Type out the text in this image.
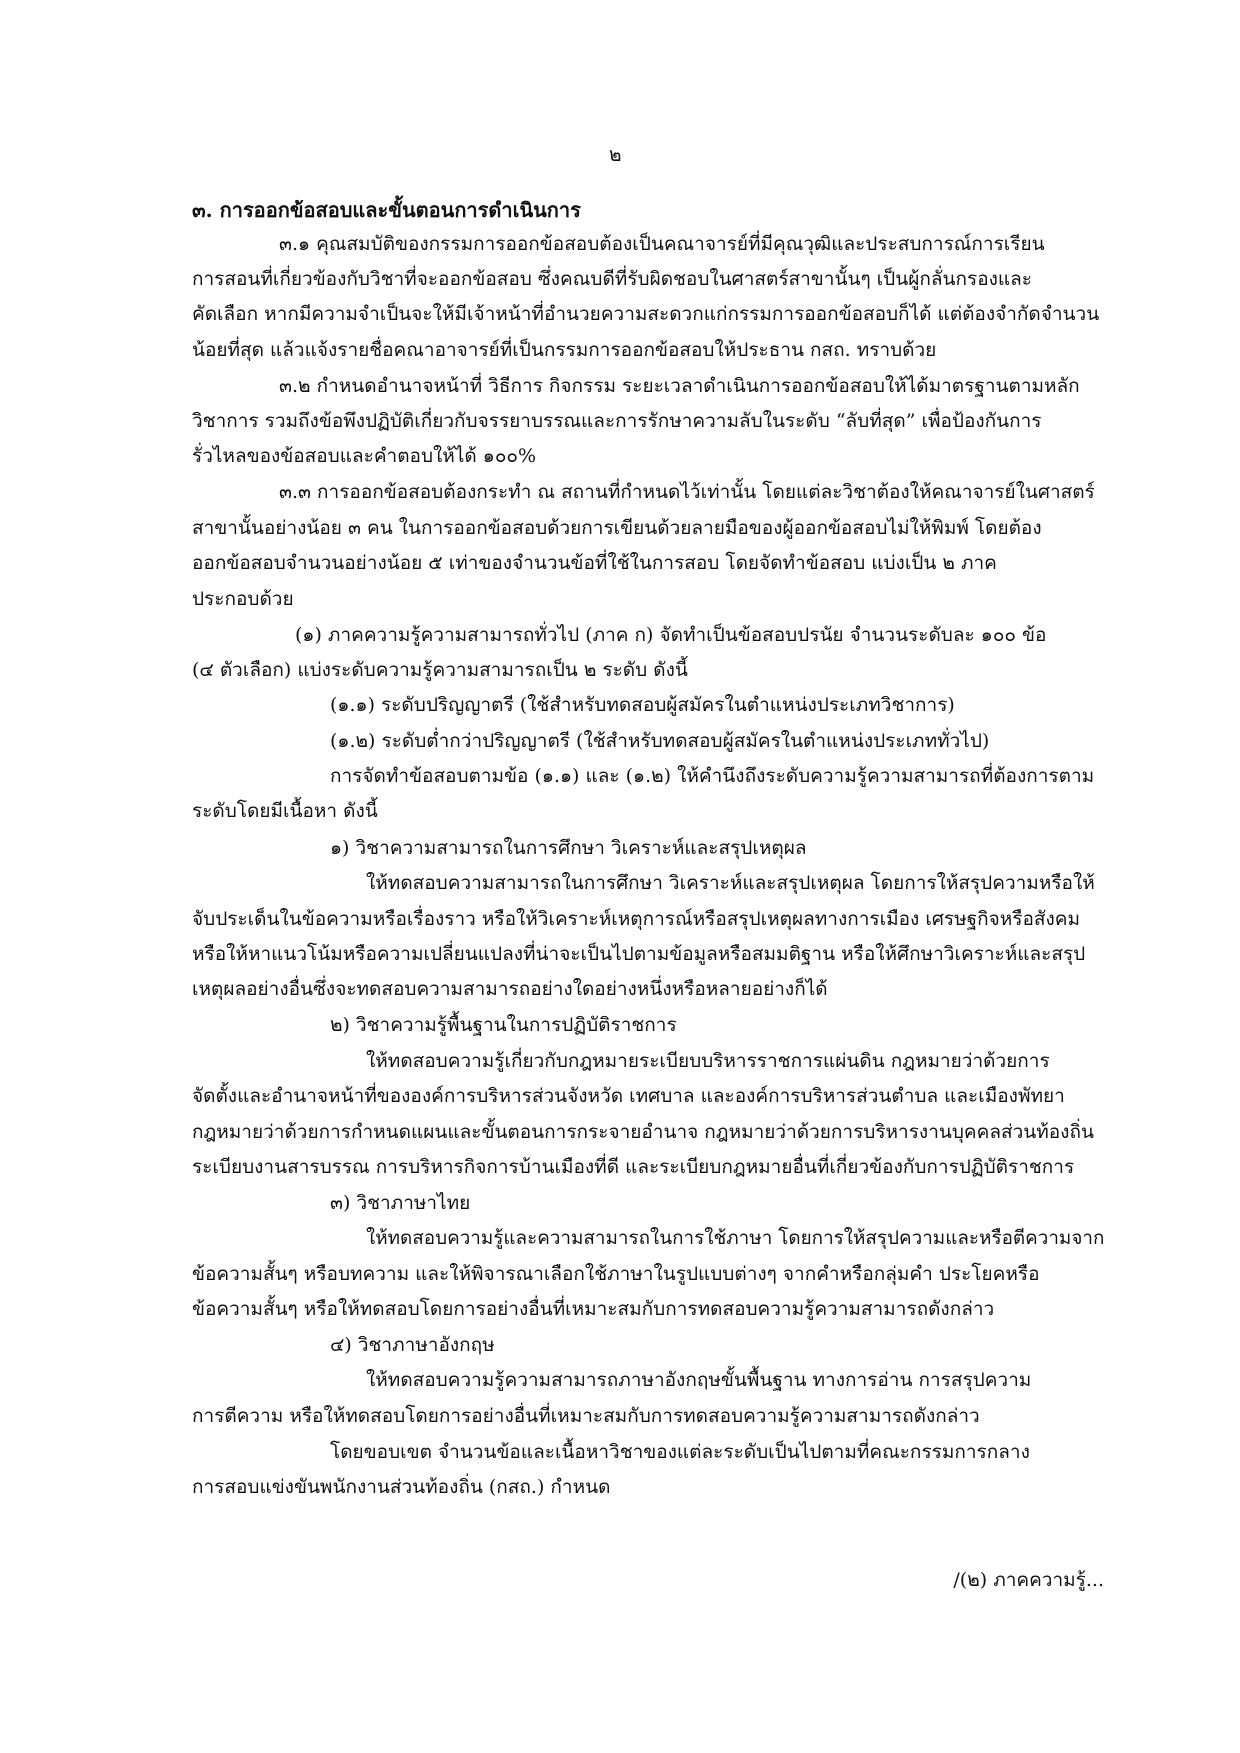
๒
๓. การออกข้อสอบและขั้นตอนการดำเนินการ
๓.๑ คุณสมบัติของกรรมการออกข้อสอบต้องเป็นคณาจารย์ที่มีคุณวุฒิและประสบการณ์การเรียน
การสอนที่เกี่ยวข้องกับวิชาที่จะออกข้อสอบ ซึ่งคณบดีที่รับผิดชอบในศาสตร์สาขานั้นๆ เป็นผู้กลั่นกรองและ
คัดเลือก หากมีความจำเป็นจะให้มีเจ้าหน้าที่อำนวยความสะดวกแก่กรรมการออกข้อสอบก็ได้ แต่ต้องจำกัดจำนวน
น้อยที่สุด แล้วแจ้งรายชื่อคณาอาจารย์ที่เป็นกรรมการออกข้อสอบให้ประธาน กสถ. ทราบด้วย
๓.๒ กำหนดอำนาจหน้าที่ วิธีการ กิจกรรม ระยะเวลาดำเนินการออกข้อสอบให้ได้มาตรฐานตามหลัก
วิชาการ รวมถึงข้อพึงปฏิบัติเกี่ยวกับจรรยาบรรณและการรักษาความลับในระดับ “ลับที่สุด” เพื่อป้องกันการ
รั่วไหลของข้อสอบและคำตอบให้ได้ ๑๐๐%
๓.๓ การออกข้อสอบต้องกระทำ ณ สถานที่กำหนดไว้เท่านั้น โดยแต่ละวิชาต้องให้คณาจารย์ในศาสตร์
สาขานั้นอย่างน้อย ๓ คน ในการออกข้อสอบด้วยการเขียนด้วยลายมือของผู้ออกข้อสอบไม่ให้พิมพ์ โดยต้อง
ออกข้อสอบจำนวนอย่างน้อย ๕ เท่าของจำนวนข้อที่ใช้ในการสอบ โดยจัดทำข้อสอบ แบ่งเป็น ๒ ภาค
ประกอบด้วย
(๑) ภาคความรู้ความสามารถทั่วไป (ภาค ก) จัดทำเป็นข้อสอบปรนัย จำนวนระดับละ ๑๐๐ ข้อ
(๔ ตัวเลือก) แบ่งระดับความรู้ความสามารถเป็น ๒ ระดับ ดังนี้
(๑.๑) ระดับปริญญาตรี (ใช้สำหรับทดสอบผู้สมัครในตำแหน่งประเภทวิชาการ)
(๑.๒) ระดับต่ำกว่าปริญญาตรี (ใช้สำหรับทดสอบผู้สมัครในตำแหน่งประเภททั่วไป)
การจัดทำข้อสอบตามข้อ (๑.๑) และ (๑.๒) ให้คำนึงถึงระดับความรู้ความสามารถที่ต้องการตาม
ระดับโดยมีเนื้อหา ดังนี้
๑) วิชาความสามารถในการศึกษา วิเคราะห์และสรุปเหตุผล
ให้ทดสอบความสามารถในการศึกษา วิเคราะห์และสรุปเหตุผล โดยการให้สรุปความหรือให้
จับประเด็นในข้อความหรือเรื่องราว หรือให้วิเคราะห์เหตุการณ์หรือสรุปเหตุผลทางการเมือง เศรษฐกิจหรือสังคม
หรือให้หาแนวโน้มหรือความเปลี่ยนแปลงที่น่าจะเป็นไปตามข้อมูลหรือสมมติฐาน หรือให้ศึกษาวิเคราะห์และสรุป
เหตุผลอย่างอื่นซึ่งจะทดสอบความสามารถอย่างใดอย่างหนึ่งหรือหลายอย่างก็ได้
๒) วิชาความรู้พื้นฐานในการปฏิบัติราชการ
ให้ทดสอบความรู้เกี่ยวกับกฎหมายระเบียบบริหารราชการแผ่นดิน กฎหมายว่าด้วยการ
จัดตั้งและอำนาจหน้าที่ขององค์การบริหารส่วนจังหวัด เทศบาล และองค์การบริหารส่วนตำบล และเมืองพัทยา
กฎหมายว่าด้วยการกำหนดแผนและขั้นตอนการกระจายอำนาจ กฎหมายว่าด้วยการบริหารงานบุคคลส่วนท้องถิ่น
ระเบียบงานสารบรรณ การบริหารกิจการบ้านเมืองที่ดี และระเบียบกฎหมายอื่นที่เกี่ยวข้องกับการปฏิบัติราชการ
๓) วิชาภาษาไทย
ให้ทดสอบความรู้และความสามารถในการใช้ภาษา โดยการให้สรุปความและหรือตีความจาก
ข้อความสั้นๆ หรือบทความ และให้พิจารณาเลือกใช้ภาษาในรูปแบบต่างๆ จากคำหรือกลุ่มคำ ประโยคหรือ
ข้อความสั้นๆ หรือให้ทดสอบโดยการอย่างอื่นที่เหมาะสมกับการทดสอบความรู้ความสามารถดังกล่าว
๔) วิชาภาษาอังกฤษ
ให้ทดสอบความรู้ความสามารถภาษาอังกฤษขั้นพื้นฐาน ทางการอ่าน การสรุปความ
การตีความ หรือให้ทดสอบโดยการอย่างอื่นที่เหมาะสมกับการทดสอบความรู้ความสามารถดังกล่าว
โดยขอบเขต จำนวนข้อและเนื้อหาวิชาของแต่ละระดับเป็นไปตามที่คณะกรรมการกลาง
การสอบแข่งขันพนักงานส่วนท้องถิ่น (กสถ.) กำหนด
/(๒) ภาคความรู้...
